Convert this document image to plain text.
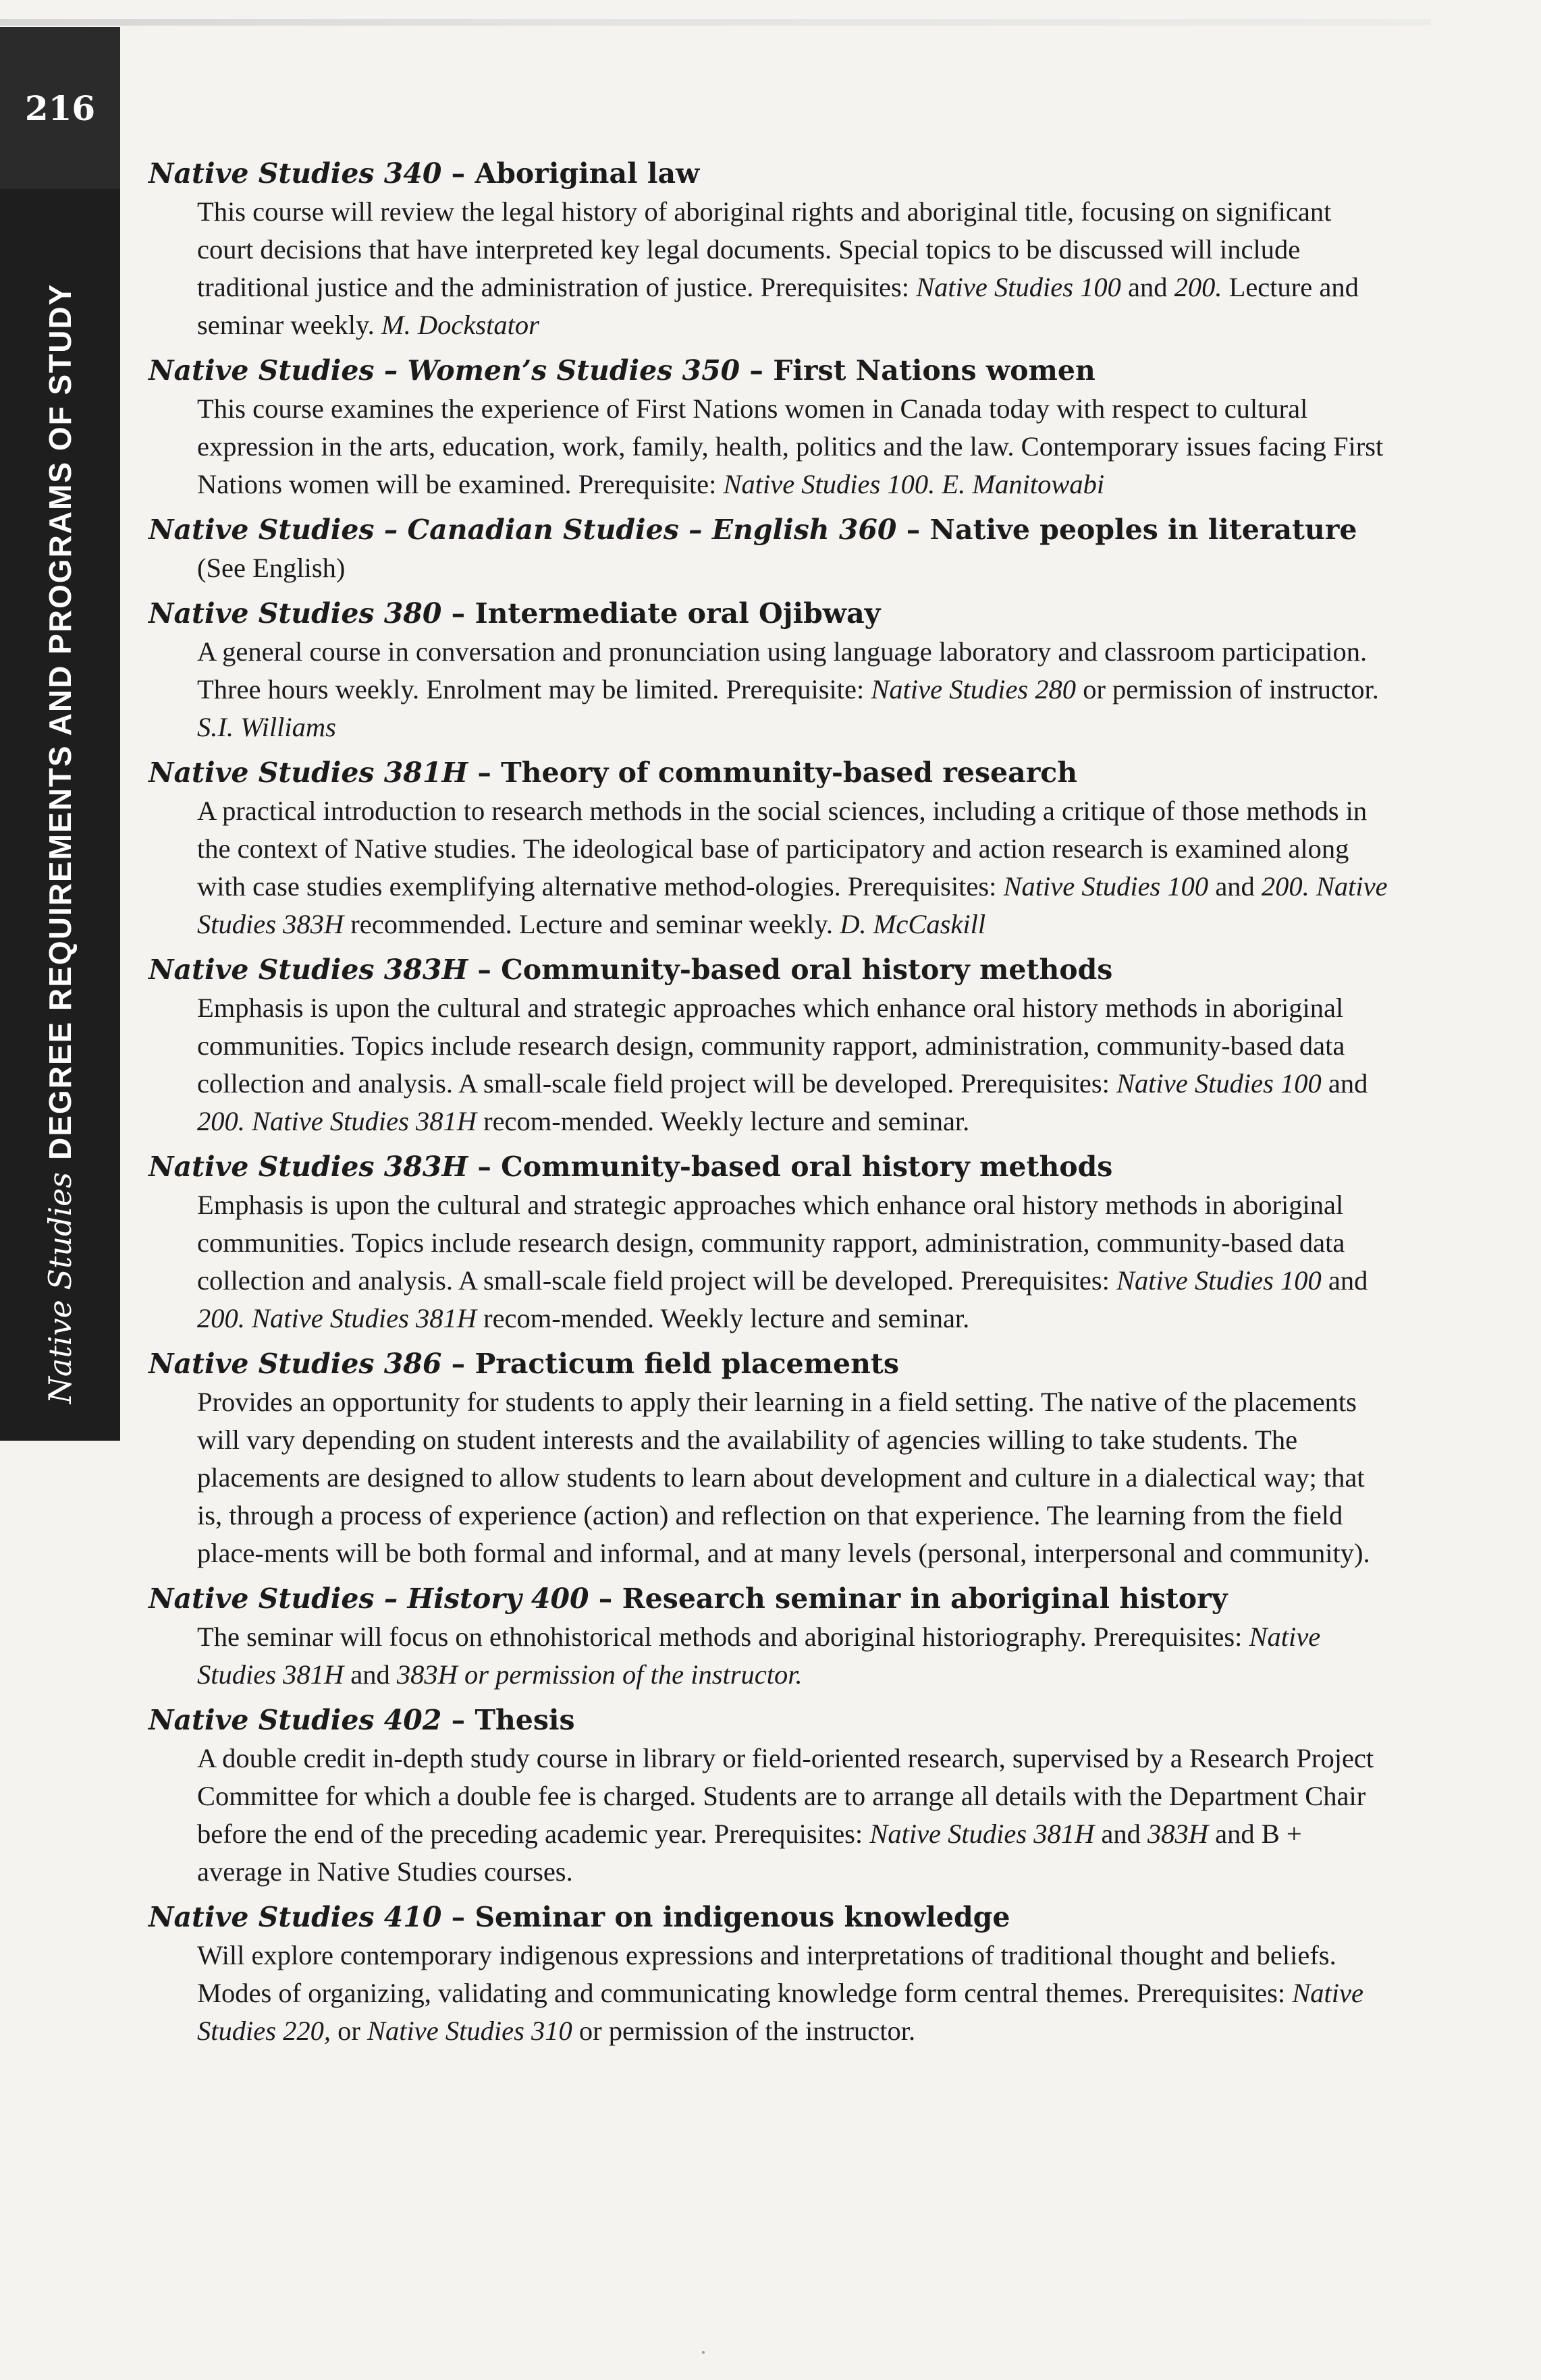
216
Native StudiesDEGREE REQUIREMENTS AND PROGRAMS OF STUDY

Native Studies 340 – Aboriginal law

This course will review the legal history of aboriginal rights and aboriginal title, focusing on significant court decisions that have interpreted key legal documents. Special topics to be discussed will include traditional justice and the administration of justice. Prerequisites: Native Studies 100 and 200. Lecture and seminar weekly. M. Dockstator

Native Studies – Women’s Studies 350 – First Nations women

This course examines the experience of First Nations women in Canada today with respect to cultural expression in the arts, education, work, family, health, politics and the law. Contemporary issues facing First Nations women will be examined. Prerequisite: Native Studies 100. E. Manitowabi

Native Studies – Canadian Studies – English 360 – Native peoples in literature

(See English)

Native Studies 380 – Intermediate oral Ojibway

A general course in conversation and pronunciation using language laboratory and classroom participation. Three hours weekly. Enrolment may be limited. Prerequisite: Native Studies 280 or permission of instructor. S.I. Williams

Native Studies 381H – Theory of community-based research

A practical introduction to research methods in the social sciences, including a critique of those methods in the context of Native studies. The ideological base of participatory and action research is examined along with case studies exemplifying alternative method-ologies. Prerequisites: Native Studies 100 and 200. Native Studies 383H recommended. Lecture and seminar weekly. D. McCaskill

Native Studies 383H – Community-based oral history methods

Emphasis is upon the cultural and strategic approaches which enhance oral history methods in aboriginal communities. Topics include research design, community rapport, administration, community-based data collection and analysis. A small-scale field project will be developed. Prerequisites: Native Studies 100 and 200. Native Studies 381H recom-mended. Weekly lecture and seminar.

Native Studies 383H – Community-based oral history methods

Emphasis is upon the cultural and strategic approaches which enhance oral history methods in aboriginal communities. Topics include research design, community rapport, administration, community-based data collection and analysis. A small-scale field project will be developed. Prerequisites: Native Studies 100 and 200. Native Studies 381H recom-mended. Weekly lecture and seminar.

Native Studies 386 – Practicum field placements

Provides an opportunity for students to apply their learning in a field setting. The native of the placements will vary depending on student interests and the availability of agencies willing to take students. The placements are designed to allow students to learn about development and culture in a dialectical way; that is, through a process of experience (action) and reflection on that experience. The learning from the field place-ments will be both formal and informal, and at many levels (personal, interpersonal and community).

Native Studies – History 400 – Research seminar in aboriginal history

The seminar will focus on ethnohistorical methods and aboriginal historiography. Prerequisites: Native Studies 381H and 383H or permission of the instructor.

Native Studies 402 – Thesis

A double credit in-depth study course in library or field-oriented research, supervised by a Research Project Committee for which a double fee is charged. Students are to arrange all details with the Department Chair before the end of the preceding academic year. Prerequisites: Native Studies 381H and 383H and B + average in Native Studies courses.

Native Studies 410 – Seminar on indigenous knowledge

Will explore contemporary indigenous expressions and interpretations of traditional thought and beliefs. Modes of organizing, validating and communicating knowledge form central themes. Prerequisites: Native Studies 220, or Native Studies 310 or permission of the instructor.
